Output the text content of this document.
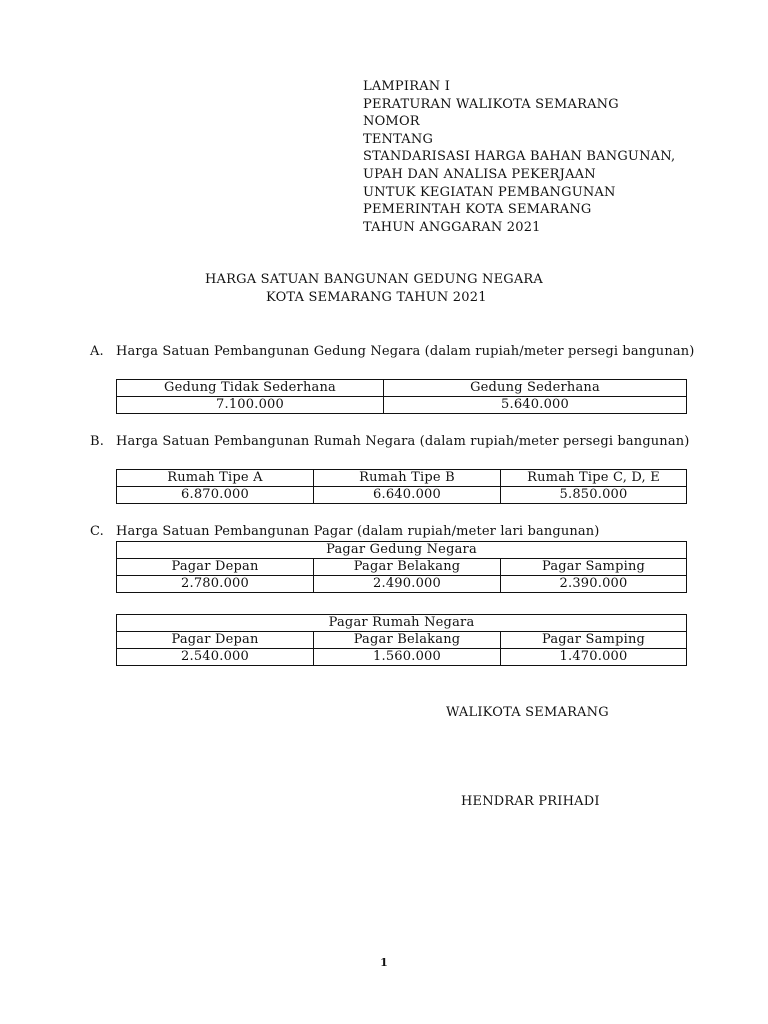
LAMPIRAN I
PERATURAN WALIKOTA SEMARANG
NOMOR
TENTANG
STANDARISASI HARGA BAHAN BANGUNAN,
UPAH DAN ANALISA PEKERJAAN
UNTUK KEGIATAN PEMBANGUNAN
PEMERINTAH KOTA SEMARANG
TAHUN ANGGARAN 2021
HARGA SATUAN BANGUNAN GEDUNG NEGARA
KOTA SEMARANG TAHUN 2021
A. Harga Satuan Pembangunan Gedung Negara (dalam rupiah/meter persegi bangunan)
Gedung Tidak Sederhana	Gedung Sederhana
7.100.000	5.640.000
B. Harga Satuan Pembangunan Rumah Negara (dalam rupiah/meter persegi bangunan)
Rumah Tipe A	Rumah Tipe B	Rumah Tipe C, D, E
6.870.000	6.640.000	5.850.000
C. Harga Satuan Pembangunan Pagar (dalam rupiah/meter lari bangunan)
Pagar Gedung Negara		
Pagar Depan	Pagar Belakang	Pagar Samping
2.780.000	2.490.000	2.390.000
Pagar Rumah Negara		
Pagar Depan	Pagar Belakang	Pagar Samping
2.540.000	1.560.000	1.470.000
WALIKOTA SEMARANG
HENDRAR PRIHADI
1
